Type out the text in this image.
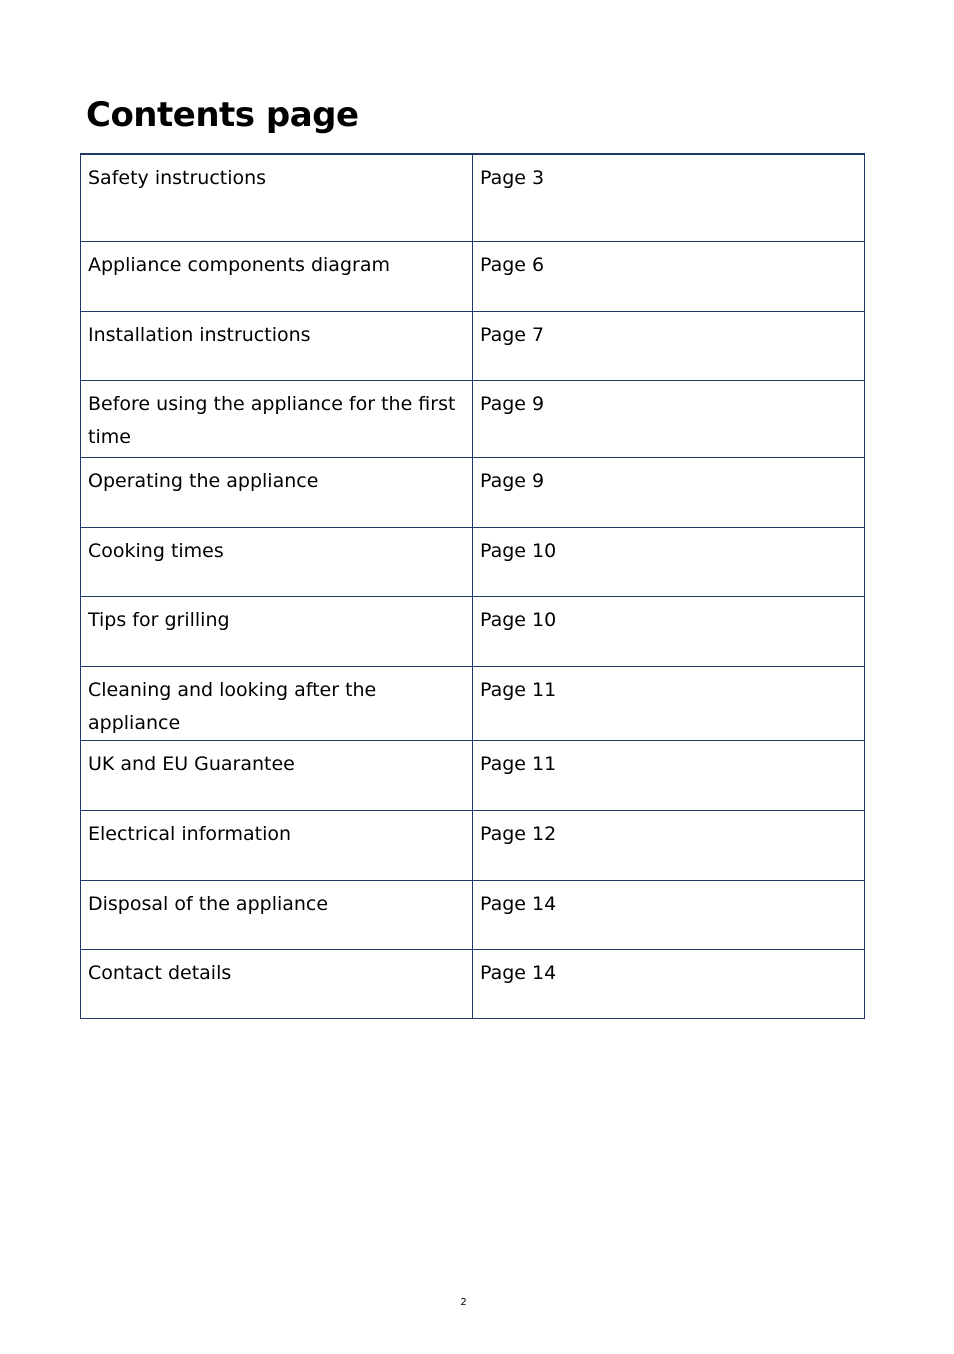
Contents page
Safety instructions	Page 3
Appliance components diagram	Page 6
Installation instructions	Page 7
Before using the appliance for the first time	Page 9
Operating the appliance	Page 9
Cooking times	Page 10
Tips for grilling	Page 10
Cleaning and looking after the appliance	Page 11
UK and EU Guarantee	Page 11
Electrical information	Page 12
Disposal of the appliance	Page 14
Contact details	Page 14
2
